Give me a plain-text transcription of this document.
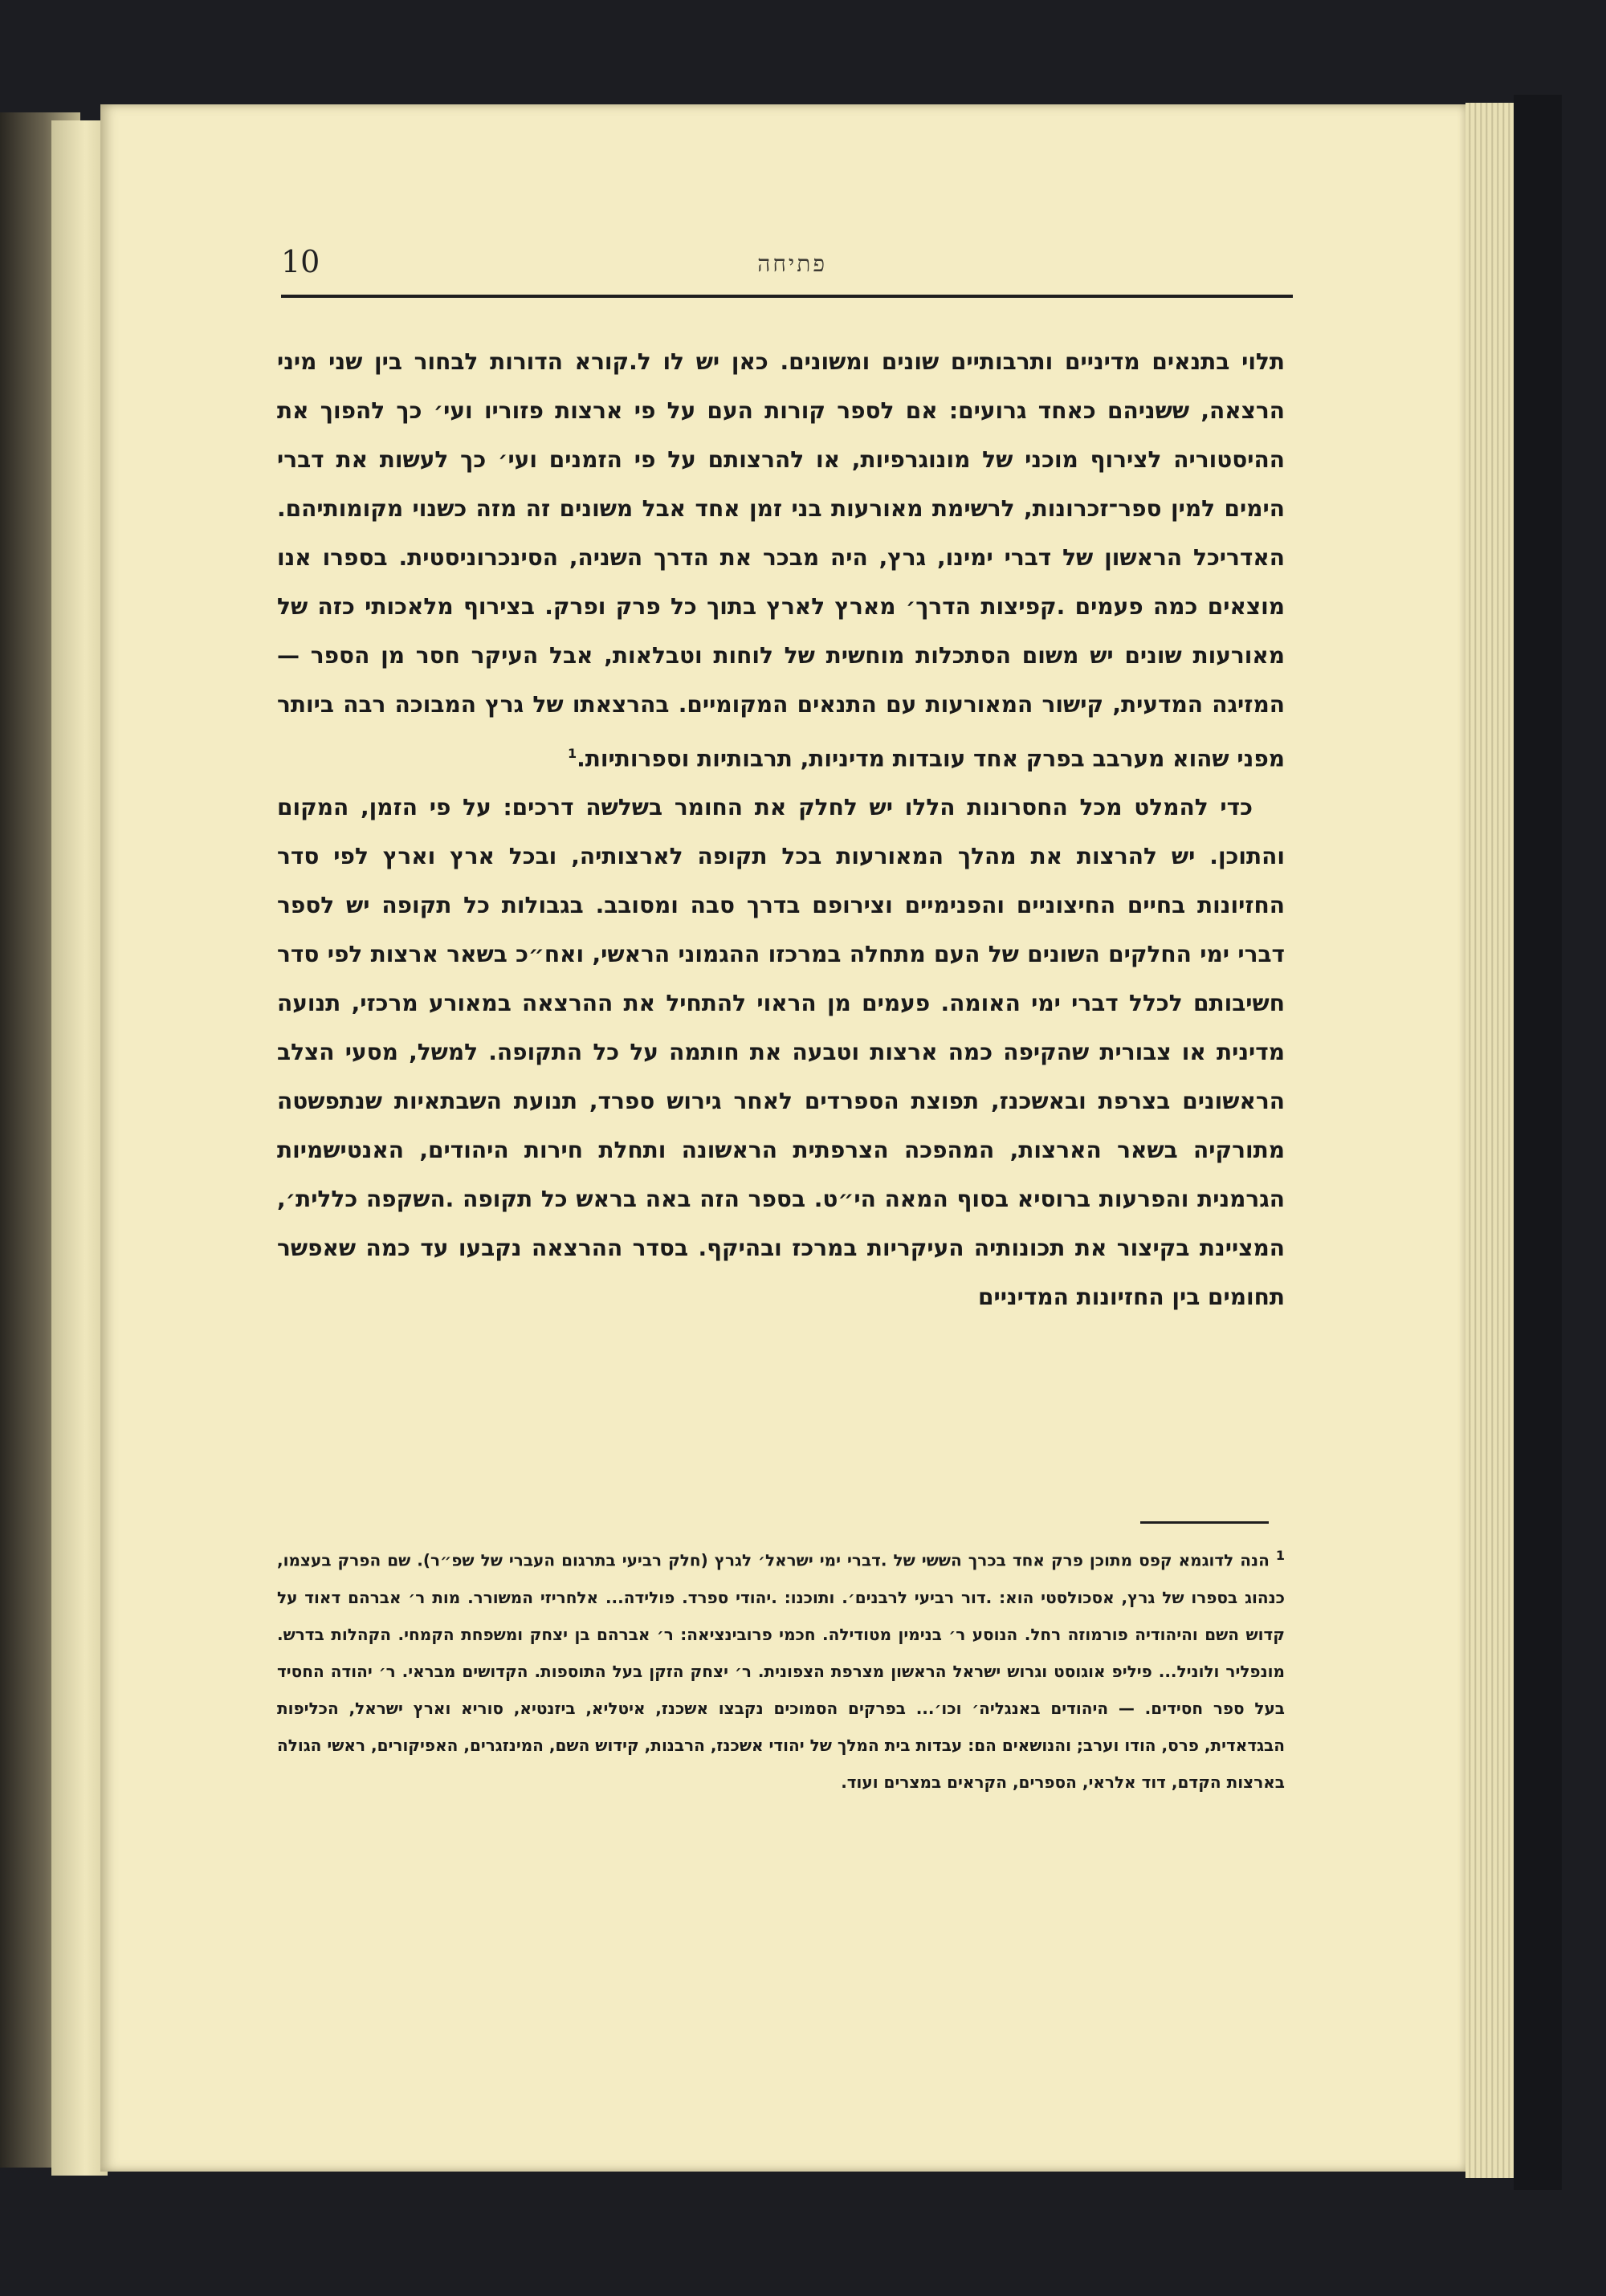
פתיחה
10

תלוי בתנאים מדיניים ותרבותיים שונים ומשונים. כאן יש לו ל.קורא הדורות לבחור בין שני מיני הרצאה, ששניהם כאחד גרועים: אם לספר קורות העם על פי ארצות פזוריו ועי׳ כך להפוך את ההיסטוריה לצירוף מוכני של מונוגרפיות, או להרצותם על פי הזמנים ועי׳ כך לעשות את דברי הימים למין ספר־זכרונות, לרשימת מאורעות בני זמן אחד אבל משונים זה מזה כשנוי מקומותיהם. האדריכל הראשון של דברי ימינו, גרץ, היה מבכר את הדרך השניה, הסינכרוניסטית. בספרו אנו מוצאים כמה פעמים .קפיצות הדרך׳ מארץ לארץ בתוך כל פרק ופרק. בצירוף מלאכותי כזה של מאורעות שונים יש משום הסתכלות מוחשית של לוחות וטבלאות, אבל העיקר חסר מן הספר — המזיגה המדעית, קישור המאורעות עם התנאים המקומיים. בהרצאתו של גרץ המבוכה רבה ביותר מפני שהוא מערבב בפרק אחד עובדות מדיניות, תרבותיות וספרותיות.$^1$

כדי להמלט מכל החסרונות הללו יש לחלק את החומר בשלשה דרכים: על פי הזמן, המקום והתוכן. יש להרצות את מהלך המאורעות בכל תקופה לארצותיה, ובכל ארץ וארץ לפי סדר החזיונות בחיים החיצוניים והפנימיים וצירופם בדרך סבה ומסובב. בגבולות כל תקופה יש לספר דברי ימי החלקים השונים של העם מתחלה במרכזו ההגמוני הראשי, ואח״כ בשאר ארצות לפי סדר חשיבותם לכלל דברי ימי האומה. פעמים מן הראוי להתחיל את ההרצאה במאורע מרכזי, תנועה מדינית או צבורית שהקיפה כמה ארצות וטבעה את חותמה על כל התקופה. למשל, מסעי הצלב הראשונים בצרפת ובאשכנז, תפוצת הספרדים לאחר גירוש ספרד, תנועת השבתאיות שנתפשטה מתורקיה בשאר הארצות, המהפכה הצרפתית הראשונה ותחלת חירות היהודים, האנטישמיות הגרמנית והפרעות ברוסיא בסוף המאה הי״ט. בספר הזה באה בראש כל תקופה .השקפה כללית׳, המציינת בקיצור את תכונותיה העיקריות במרכז ובהיקף. בסדר ההרצאה נקבעו עד כמה שאפשר תחומים בין החזיונות המדיניים

$^1$ הנה לדוגמא קפס מתוכן פרק אחד בכרך הששי של .דברי ימי ישראל׳ לגרץ (חלק רביעי בתרגום העברי של שפ״ר). שם הפרק בעצמו, כנהוג בספרו של גרץ, אסכולסטי הוא: .דור רביעי לרבנים׳. ותוכנו: .יהודי ספרד. פולידה... אלחריזי המשורר. מות ר׳ אברהם דאוד על קדוש השם והיהודיה פורמוזה רחל. הנוסע ר׳ בנימין מטודילה. חכמי פרובינציאה: ר׳ אברהם בן יצחק ומשפחת הקמחי. הקהלות בדרש. מונפליר ולוניל... פיליפ אוגוסט וגרוש ישראל הראשון מצרפת הצפונית. ר׳ יצחק הזקן בעל התוספות. הקדושים מבראי. ר׳ יהודה החסיד בעל ספר חסידים. — היהודים באנגליה׳ וכו׳... בפרקים הסמוכים נקבצו אשכנז, איטליא, ביזנטיא, סוריא וארץ ישראל, הכליפות הבגדאדית, פרס, הודו וערב; והנושאים הם: עבדות בית המלך של יהודי אשכנז, הרבנות, קידוש השם, המינזגרים, האפיקורים, ראשי הגולה בארצות הקדם, דוד אלראי, הספרים, הקראים במצרים ועוד.
